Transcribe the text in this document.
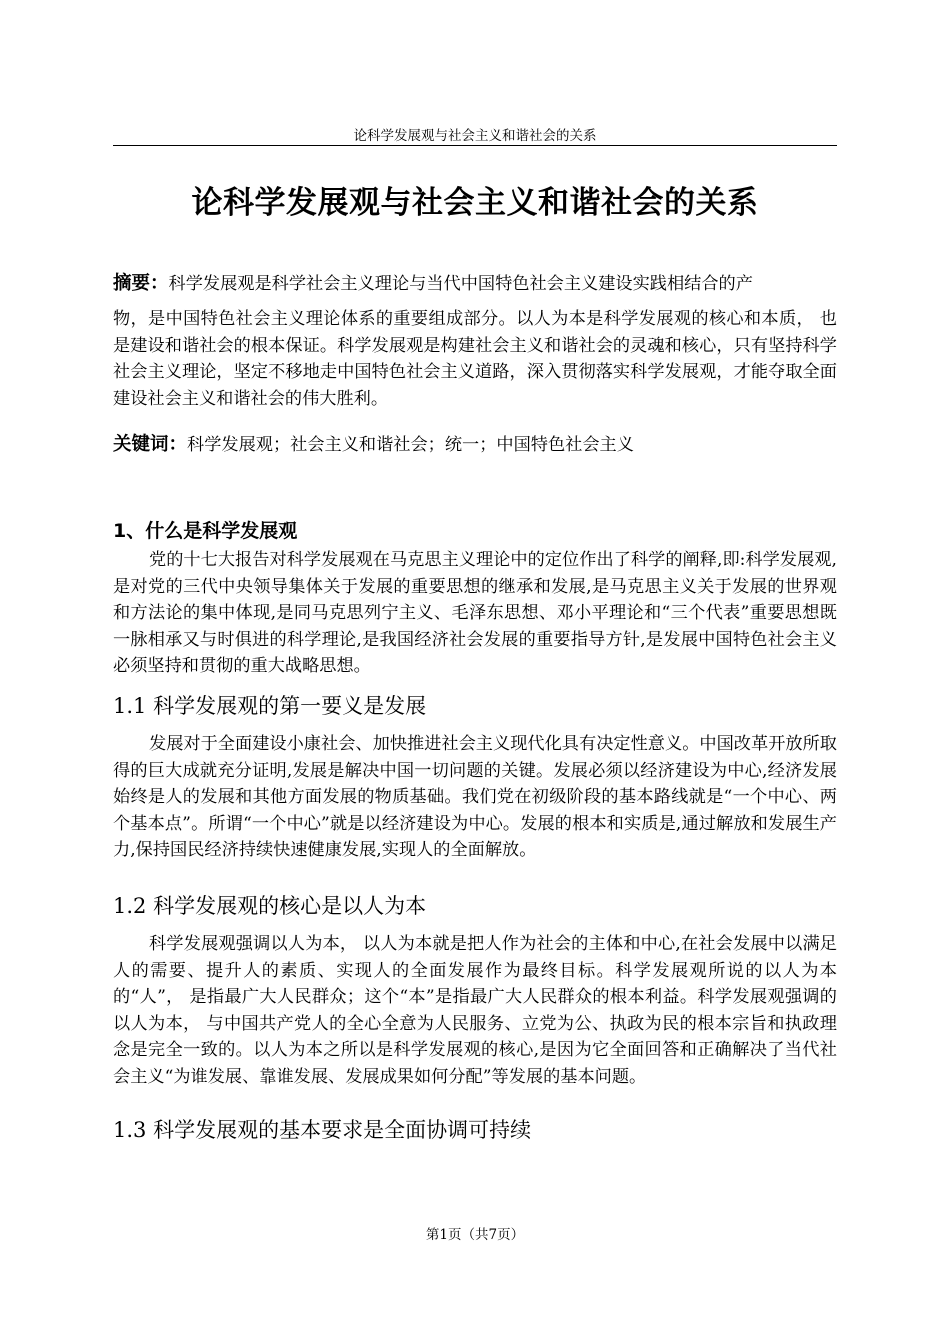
论科学发展观与社会主义和谐社会的关系
论科学发展观与社会主义和谐社会的关系
摘要：科学发展观是科学社会主义理论与当代中国特色社会主义建设实践相结合的产
物，是中国特色社会主义理论体系的重要组成部分。以人为本是科学发展观的核心和本质， 也是建设和谐社会的根本保证。科学发展观是构建社会主义和谐社会的灵魂和核心，只有坚持科学社会主义理论，坚定不移地走中国特色社会主义道路，深入贯彻落实科学发展观，才能夺取全面建设社会主义和谐社会的伟大胜利。
关键词：科学发展观；社会主义和谐社会；统一；中国特色社会主义
1、什么是科学发展观
党的十七大报告对科学发展观在马克思主义理论中的定位作出了科学的阐释,即:科学发展观,是对党的三代中央领导集体关于发展的重要思想的继承和发展,是马克思主义关于发展的世界观和方法论的集中体现,是同马克思列宁主义、毛泽东思想、邓小平理论和“三个代表”重要思想既一脉相承又与时俱进的科学理论,是我国经济社会发展的重要指导方针,是发展中国特色社会主义必须坚持和贯彻的重大战略思想。
1.1 科学发展观的第一要义是发展
发展对于全面建设小康社会、加快推进社会主义现代化具有决定性意义。中国改革开放所取得的巨大成就充分证明,发展是解决中国一切问题的关键。发展必须以经济建设为中心,经济发展始终是人的发展和其他方面发展的物质基础。我们党在初级阶段的基本路线就是“一个中心、两个基本点”。所谓“一个中心”就是以经济建设为中心。发展的根本和实质是,通过解放和发展生产力,保持国民经济持续快速健康发展,实现人的全面解放。
1.2 科学发展观的核心是以人为本
科学发展观强调以人为本， 以人为本就是把人作为社会的主体和中心,在社会发展中以满足人的需要、提升人的素质、实现人的全面发展作为最终目标。科学发展观所说的以人为本的“人”， 是指最广大人民群众；这个“本”是指最广大人民群众的根本利益。科学发展观强调的以人为本， 与中国共产党人的全心全意为人民服务、立党为公、执政为民的根本宗旨和执政理念是完全一致的。以人为本之所以是科学发展观的核心,是因为它全面回答和正确解决了当代社会主义“为谁发展、靠谁发展、发展成果如何分配”等发展的基本问题。
1.3 科学发展观的基本要求是全面协调可持续
第1页（共7页）
